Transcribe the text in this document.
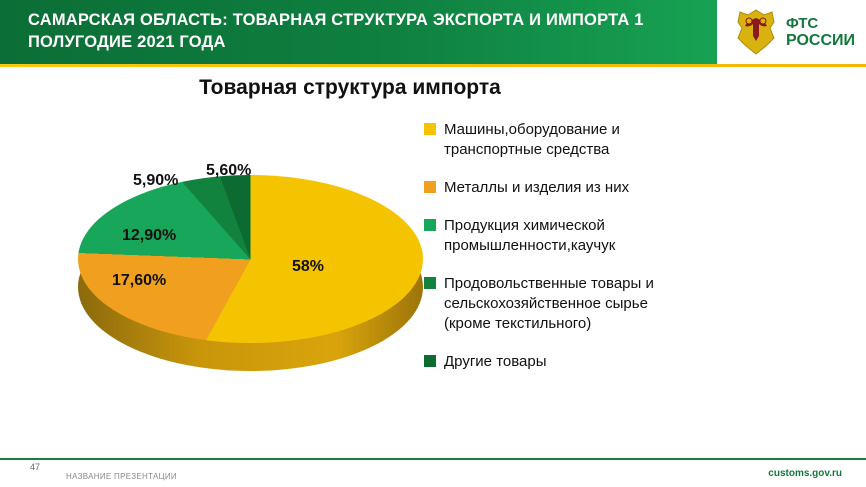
САМАРСКАЯ ОБЛАСТЬ: ТОВАРНАЯ СТРУКТУРА ЭКСПОРТА И ИМПОРТА 1 ПОЛУГОДИЕ 2021 ГОДА
ФТС
РОССИИ
Товарная структура импорта
58%
17,60%
12,90%
5,90%
5,60%
Машины,оборудование и транспортные средства
Металлы и изделия из них
Продукция химической промышленности,каучук
Продовольственные товары и сельскохозяйственное сырье (кроме текстильного)
Другие товары
47
НАЗВАНИЕ ПРЕЗЕНТАЦИИ	customs.gov.ru
